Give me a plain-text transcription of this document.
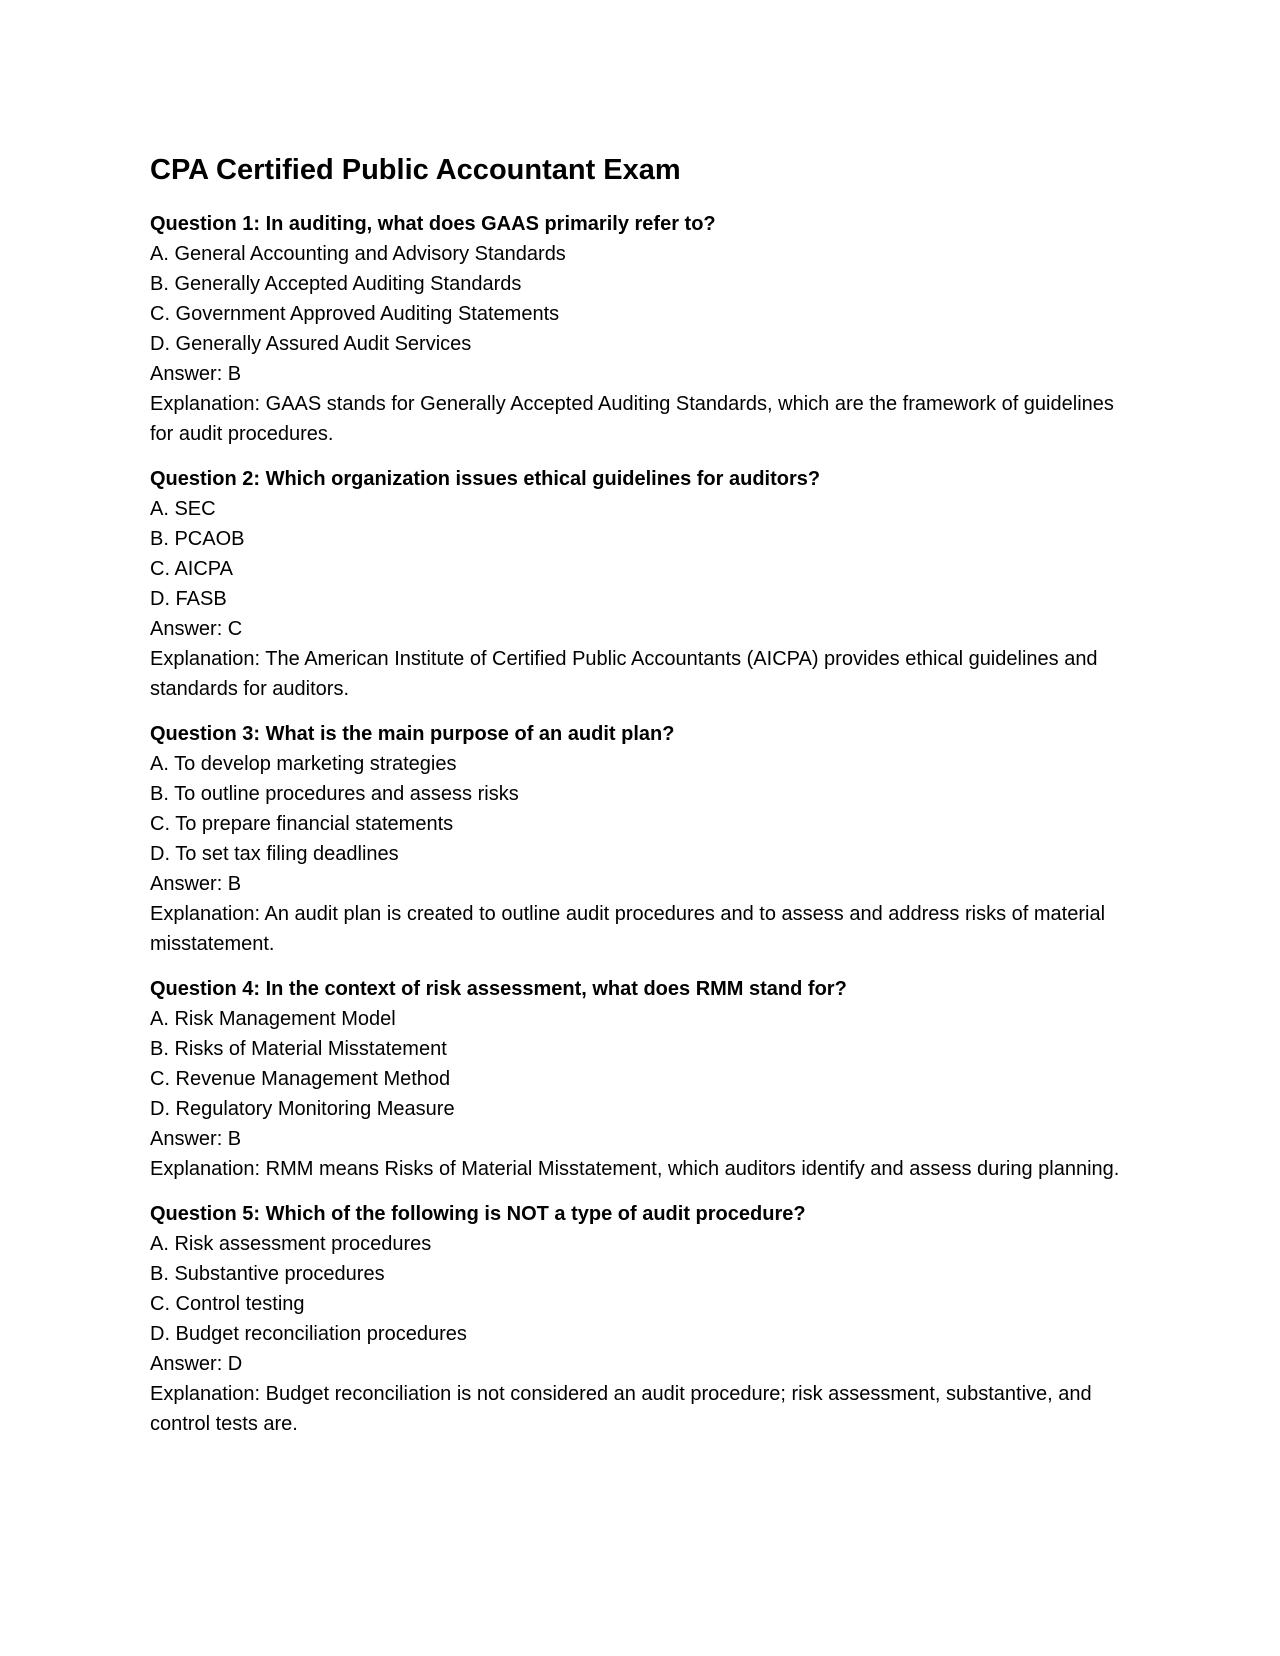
CPA Certified Public Accountant Exam
Question 1: In auditing, what does GAAS primarily refer to?
A. General Accounting and Advisory Standards
B. Generally Accepted Auditing Standards
C. Government Approved Auditing Statements
D. Generally Assured Audit Services
Answer: B
Explanation: GAAS stands for Generally Accepted Auditing Standards, which are the framework of guidelines for audit procedures.
Question 2: Which organization issues ethical guidelines for auditors?
A. SEC
B. PCAOB
C. AICPA
D. FASB
Answer: C
Explanation: The American Institute of Certified Public Accountants (AICPA) provides ethical guidelines and standards for auditors.
Question 3: What is the main purpose of an audit plan?
A. To develop marketing strategies
B. To outline procedures and assess risks
C. To prepare financial statements
D. To set tax filing deadlines
Answer: B
Explanation: An audit plan is created to outline audit procedures and to assess and address risks of material misstatement.
Question 4: In the context of risk assessment, what does RMM stand for?
A. Risk Management Model
B. Risks of Material Misstatement
C. Revenue Management Method
D. Regulatory Monitoring Measure
Answer: B
Explanation: RMM means Risks of Material Misstatement, which auditors identify and assess during planning.
Question 5: Which of the following is NOT a type of audit procedure?
A. Risk assessment procedures
B. Substantive procedures
C. Control testing
D. Budget reconciliation procedures
Answer: D
Explanation: Budget reconciliation is not considered an audit procedure; risk assessment, substantive, and control tests are.
